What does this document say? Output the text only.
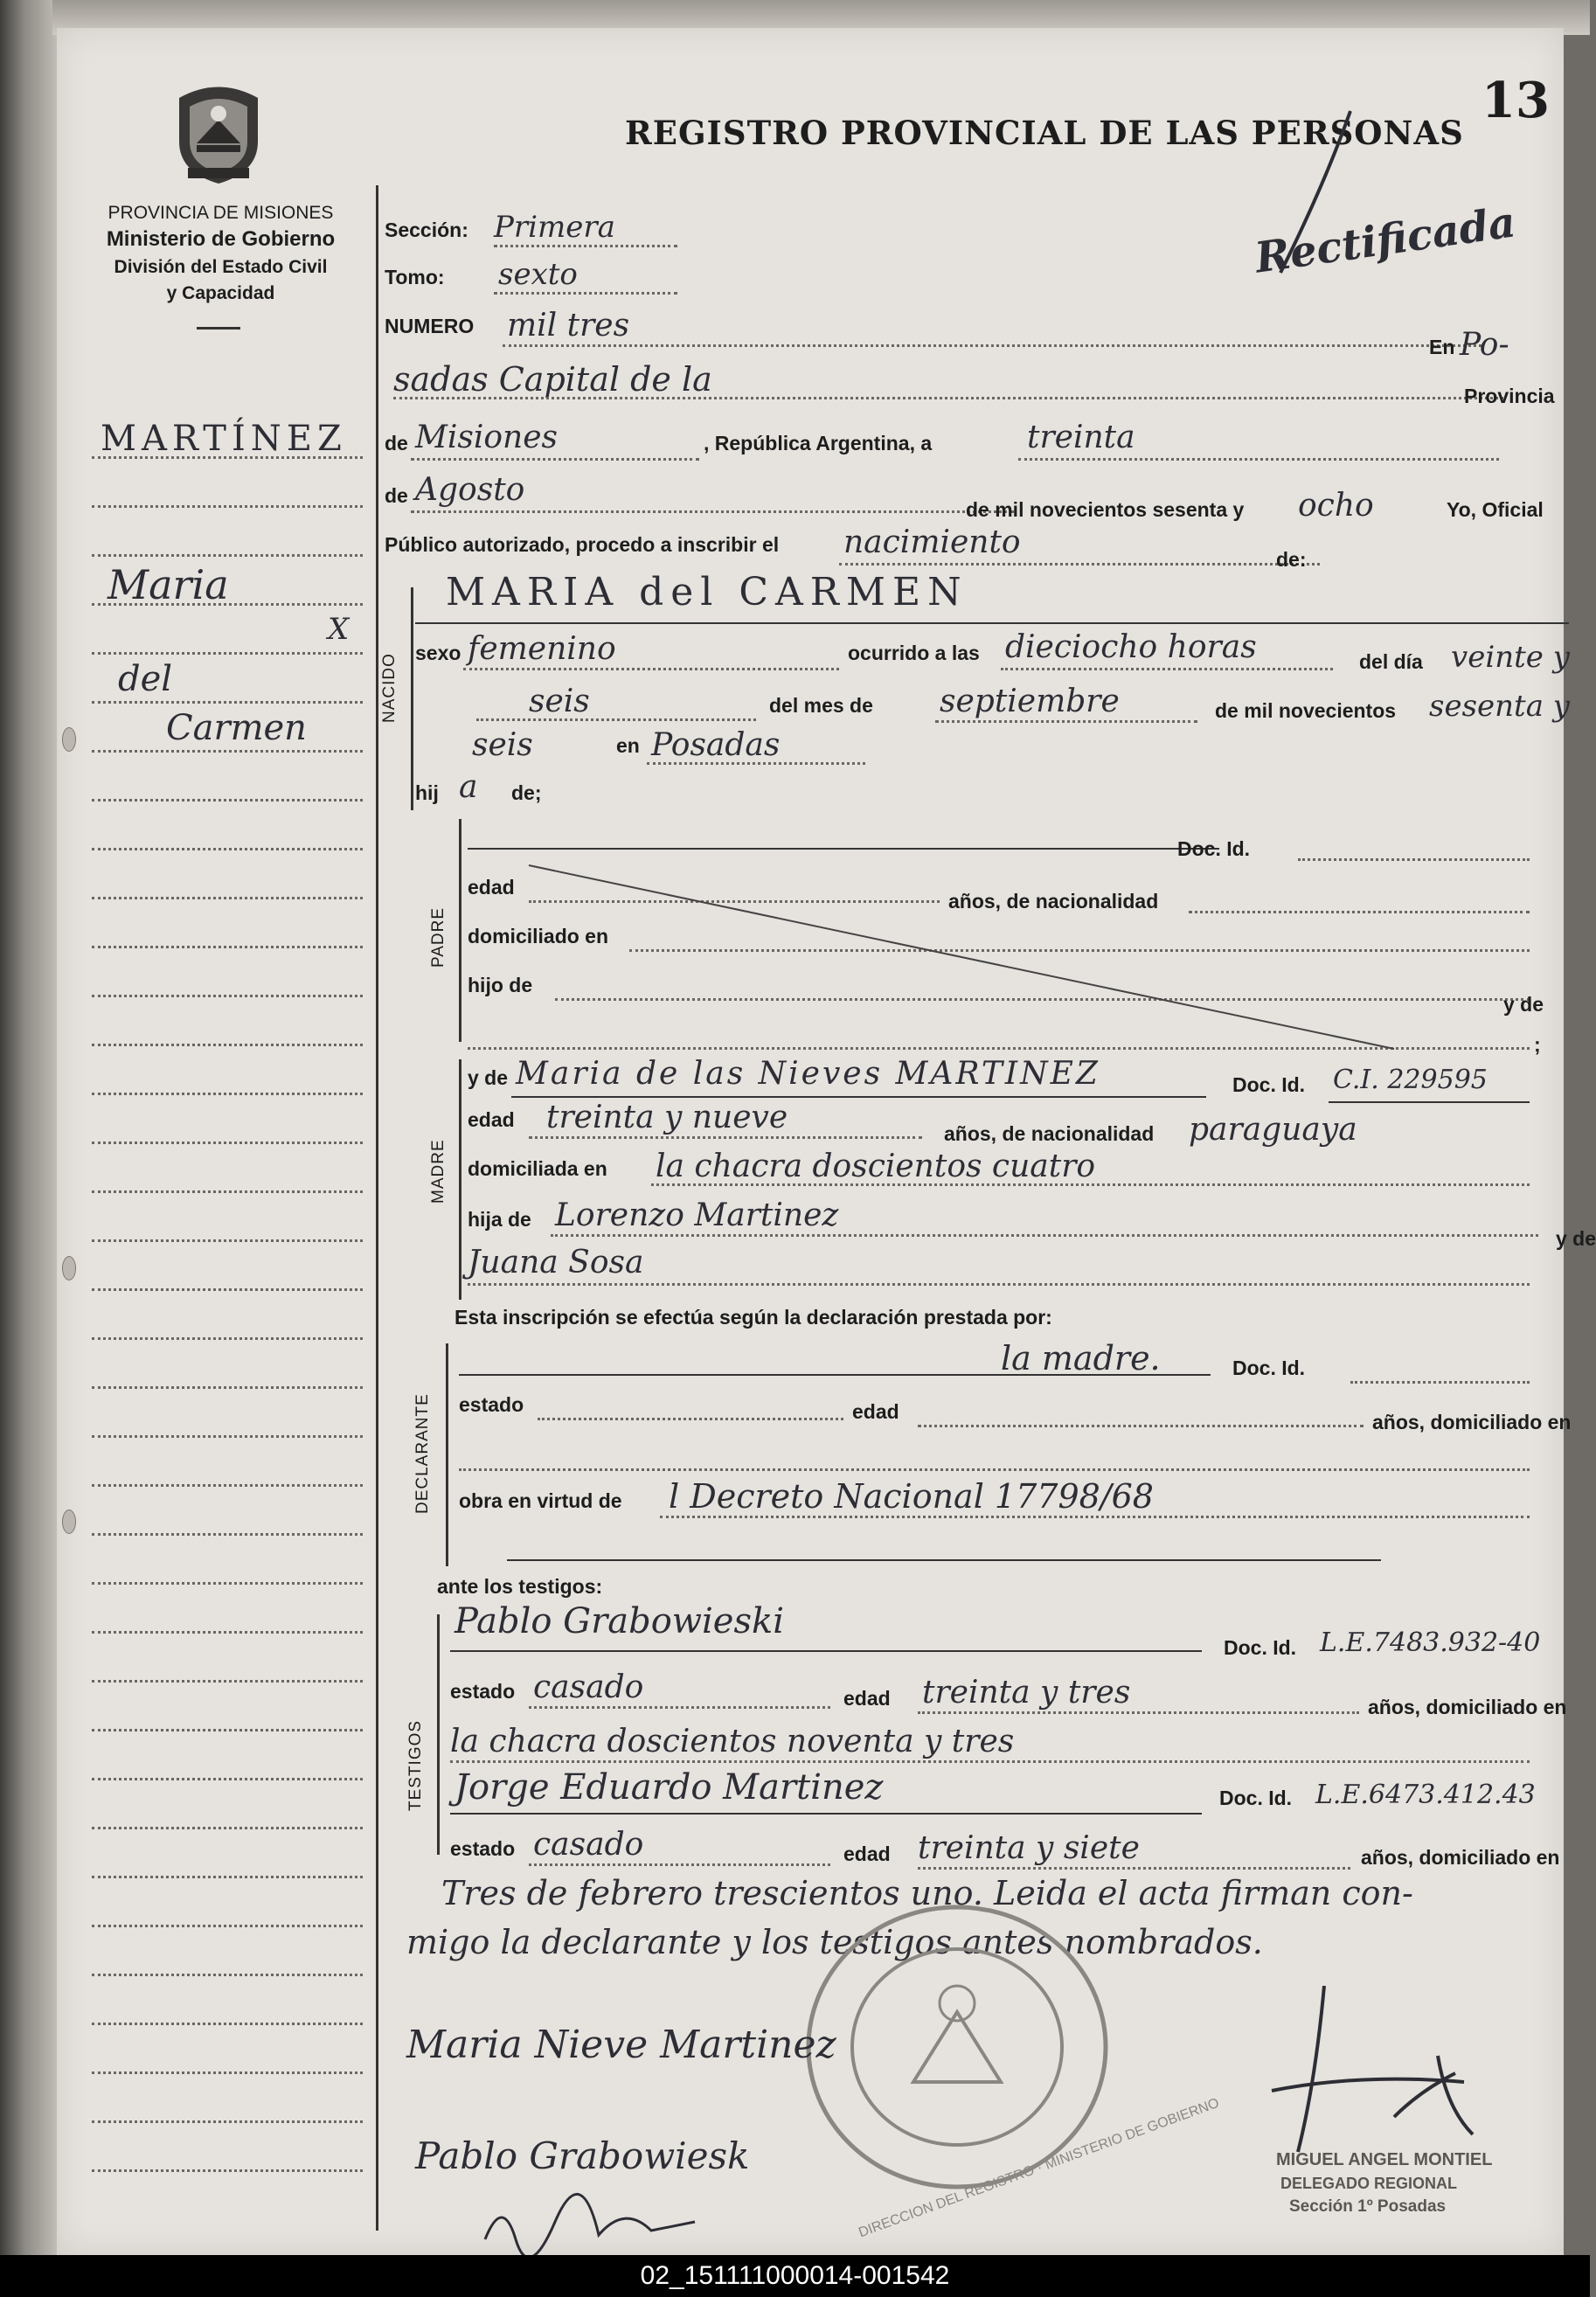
13
PROVINCIA DE MISIONES
Ministerio de Gobierno
División del Estado Civil
y Capacidad
REGISTRO PROVINCIAL DE LAS PERSONAS
Rectificada
MARTÍNEZ
Maria
X
del
Carmen
Sección: Primera
Tomo: sexto
NUMERO mil tres
En Po-
sadas Capital de la	Provincia
de Misiones	, República Argentina, a	treinta
de Agosto
de mil novecientos sesenta y ocho	Yo, Oficial
Público autorizado, procedo a inscribir el nacimiento	de:
NACIDO
MARIA del CARMEN
sexo femenino	ocurrido a las dieciocho horas	del día veinte y
seis	del mes de septiembre	de mil novecientos sesenta y
seis	en Posadas
hij a de;
PADRE
Doc. Id.
edad
años, de nacionalidad
domiciliado en
hijo de
y de
;
MADRE
y de Maria de las Nieves MARTINEZ	Doc. Id. C.I. 229595
edad treinta y nueve	años, de nacionalidad paraguaya
domiciliada en la chacra doscientos cuatro
hija de Lorenzo Martinez
y de
Juana Sosa
Esta inscripción se efectúa según la declaración prestada por:
DECLARANTE
la madre.	Doc. Id.
estado	edad	años, domiciliado en
obra en virtud de l Decreto Nacional 17798/68
ante los testigos:
TESTIGOS
Pablo Grabowieski
Doc. Id. L.E.7483.932-40
estado casado	edad treinta y tres	años, domiciliado en
la chacra doscientos noventa y tres
Jorge Eduardo Martinez	Doc. Id. L.E.6473.412.43
estado casado	edad treinta y siete	años, domiciliado en
Tres de febrero trescientos uno. Leida el acta firman con-
migo la declarante y los testigos antes nombrados.
DIRECCION DEL REGISTRO · MINISTERIO DE GOBIERNO
Maria Nieve Martinez
Pablo Grabowiesk	MIGUEL ANGEL MONTIEL
DELEGADO REGIONAL
Sección 1º Posadas
02_151111000014-001542
